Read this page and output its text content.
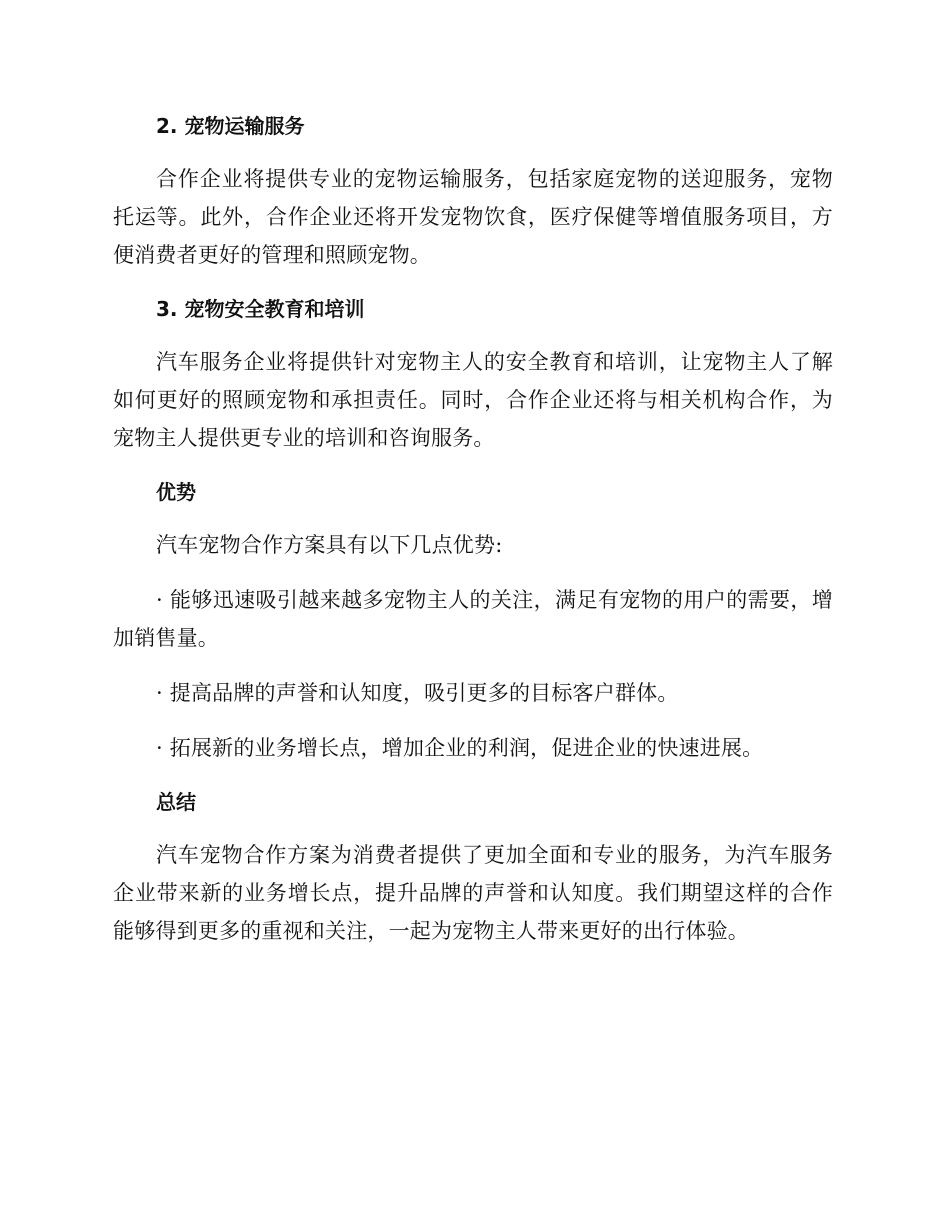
2. 宠物运输服务

合作企业将提供专业的宠物运输服务，包括家庭宠物的送迎服务，宠物托运等。此外，合作企业还将开发宠物饮食，医疗保健等增值服务项目，方便消费者更好的管理和照顾宠物。

3. 宠物安全教育和培训

汽车服务企业将提供针对宠物主人的安全教育和培训，让宠物主人了解如何更好的照顾宠物和承担责任。同时，合作企业还将与相关机构合作，为宠物主人提供更专业的培训和咨询服务。

优势

汽车宠物合作方案具有以下几点优势:

· 能够迅速吸引越来越多宠物主人的关注，满足有宠物的用户的需要，增加销售量。

· 提高品牌的声誉和认知度，吸引更多的目标客户群体。

· 拓展新的业务增长点，增加企业的利润，促进企业的快速进展。

总结

汽车宠物合作方案为消费者提供了更加全面和专业的服务，为汽车服务企业带来新的业务增长点，提升品牌的声誉和认知度。我们期望这样的合作能够得到更多的重视和关注，一起为宠物主人带来更好的出行体验。
